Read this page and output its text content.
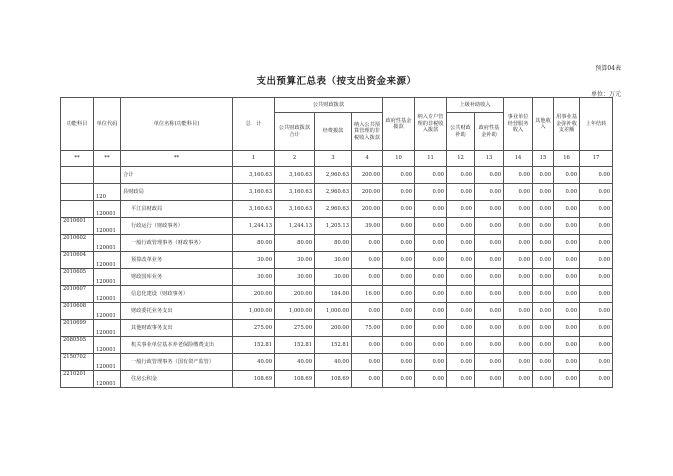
预算04表
支出预算汇总表（按支出资金来源）
单位：万元
功能科目	单位代码	单位名称(功能科目)	总　计	公共财政拨款			政府性基金拨款	纳入专户管理的非税收入拨款	上级补助收入		事业单位经营服务收入	其他收入	用事业基金弥补收支差额	上年结转
				公共财政拨款合计	经费拨款	纳入公共预算管理的非税收入拨款			公共财政补助	政府性基金补助				
**	**	**	1	2	3	4	10	11	12	13	14	15	16	17
		合计	3,160.63	3,160.63	2,960.63	200.00	0.00	0.00	0.00	0.00	0.00	0.00	0.00	0.00
	120	县财政局	3,160.63	3,160.63	2,960.63	200.00	0.00	0.00	0.00	0.00	0.00	0.00	0.00	0.00
	120001	平江县财政局	3,160.63	3,160.63	2,960.63	200.00	0.00	0.00	0.00	0.00	0.00	0.00	0.00	0.00
2010601	120001	行政运行（财政事务）	1,244.13	1,244.13	1,205.13	39.00	0.00	0.00	0.00	0.00	0.00	0.00	0.00	0.00
2010602	120001	一般行政管理事务（财政事务）	80.00	80.00	80.00	0.00	0.00	0.00	0.00	0.00	0.00	0.00	0.00	0.00
2010604	120001	预算改革业务	30.00	30.00	30.00	0.00	0.00	0.00	0.00	0.00	0.00	0.00	0.00	0.00
2010605	120001	财政国库业务	30.00	30.00	30.00	0.00	0.00	0.00	0.00	0.00	0.00	0.00	0.00	0.00
2010607	120001	信息化建设（财政事务）	200.00	200.00	184.00	16.00	0.00	0.00	0.00	0.00	0.00	0.00	0.00	0.00
2010608	120001	财政委托业务支出	1,000.00	1,000.00	1,000.00	0.00	0.00	0.00	0.00	0.00	0.00	0.00	0.00	0.00
2010699	120001	其他财政事务支出	275.00	275.00	200.00	75.00	0.00	0.00	0.00	0.00	0.00	0.00	0.00	0.00
2080505	120001	机关事业单位基本养老保险缴费支出	152.81	152.81	152.81	0.00	0.00	0.00	0.00	0.00	0.00	0.00	0.00	0.00
2150702	120001	一般行政管理事务（国有资产监管）	40.00	40.00	40.00	0.00	0.00	0.00	0.00	0.00	0.00	0.00	0.00	0.00
2210201	120001	住房公积金	108.69	108.69	108.69	0.00	0.00	0.00	0.00	0.00	0.00	0.00	0.00	0.00
